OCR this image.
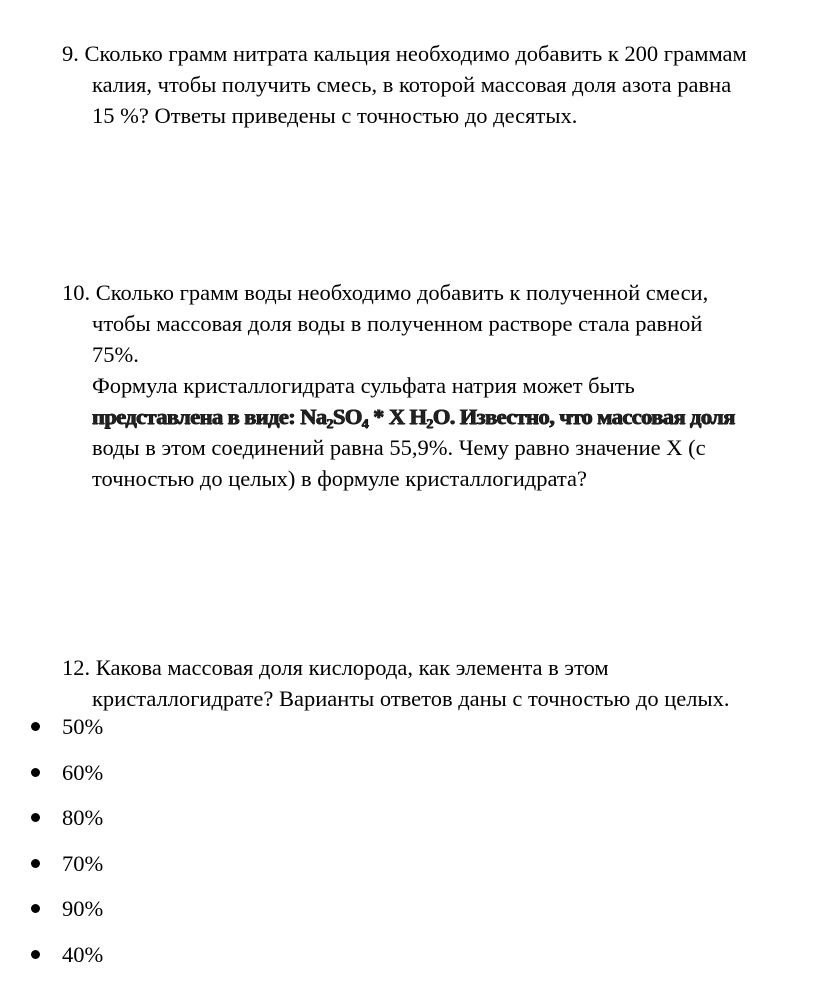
9. Сколько грамм нитрата кальция необходимо добавить к 200 граммам
калия, чтобы получить смесь, в которой массовая доля азота равна
15 %? Ответы приведены с точностью до десятых.
10. Сколько грамм воды необходимо добавить к полученной смеси,
чтобы массовая доля воды в полученном растворе стала равной
75%.
Формула кристаллогидрата сульфата натрия может быть
представлена в виде: $Na_2SO_4$ * X $H_2O$. Известно, что массовая доля
воды в этом соединений равна 55,9%. Чему равно значение X (с
точностью до целых) в формуле кристаллогидрата?
12. Какова массовая доля кислорода, как элемента в этом
кристаллогидрате? Варианты ответов даны с точностью до целых.
50%
60%
80%
70%
90%
40%
